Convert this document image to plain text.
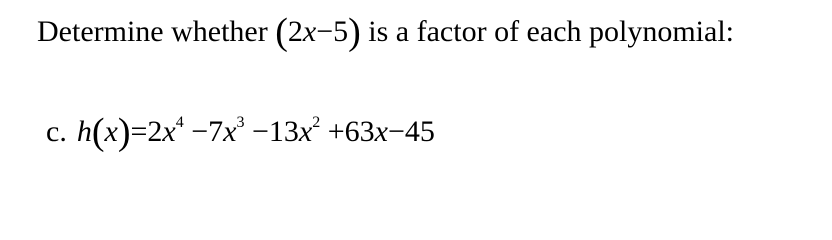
Determine whether (2x−5) is a factor of each polynomial:
c. $h(x)=2x^4 -7x^3 -13x^2 +63x-45$
